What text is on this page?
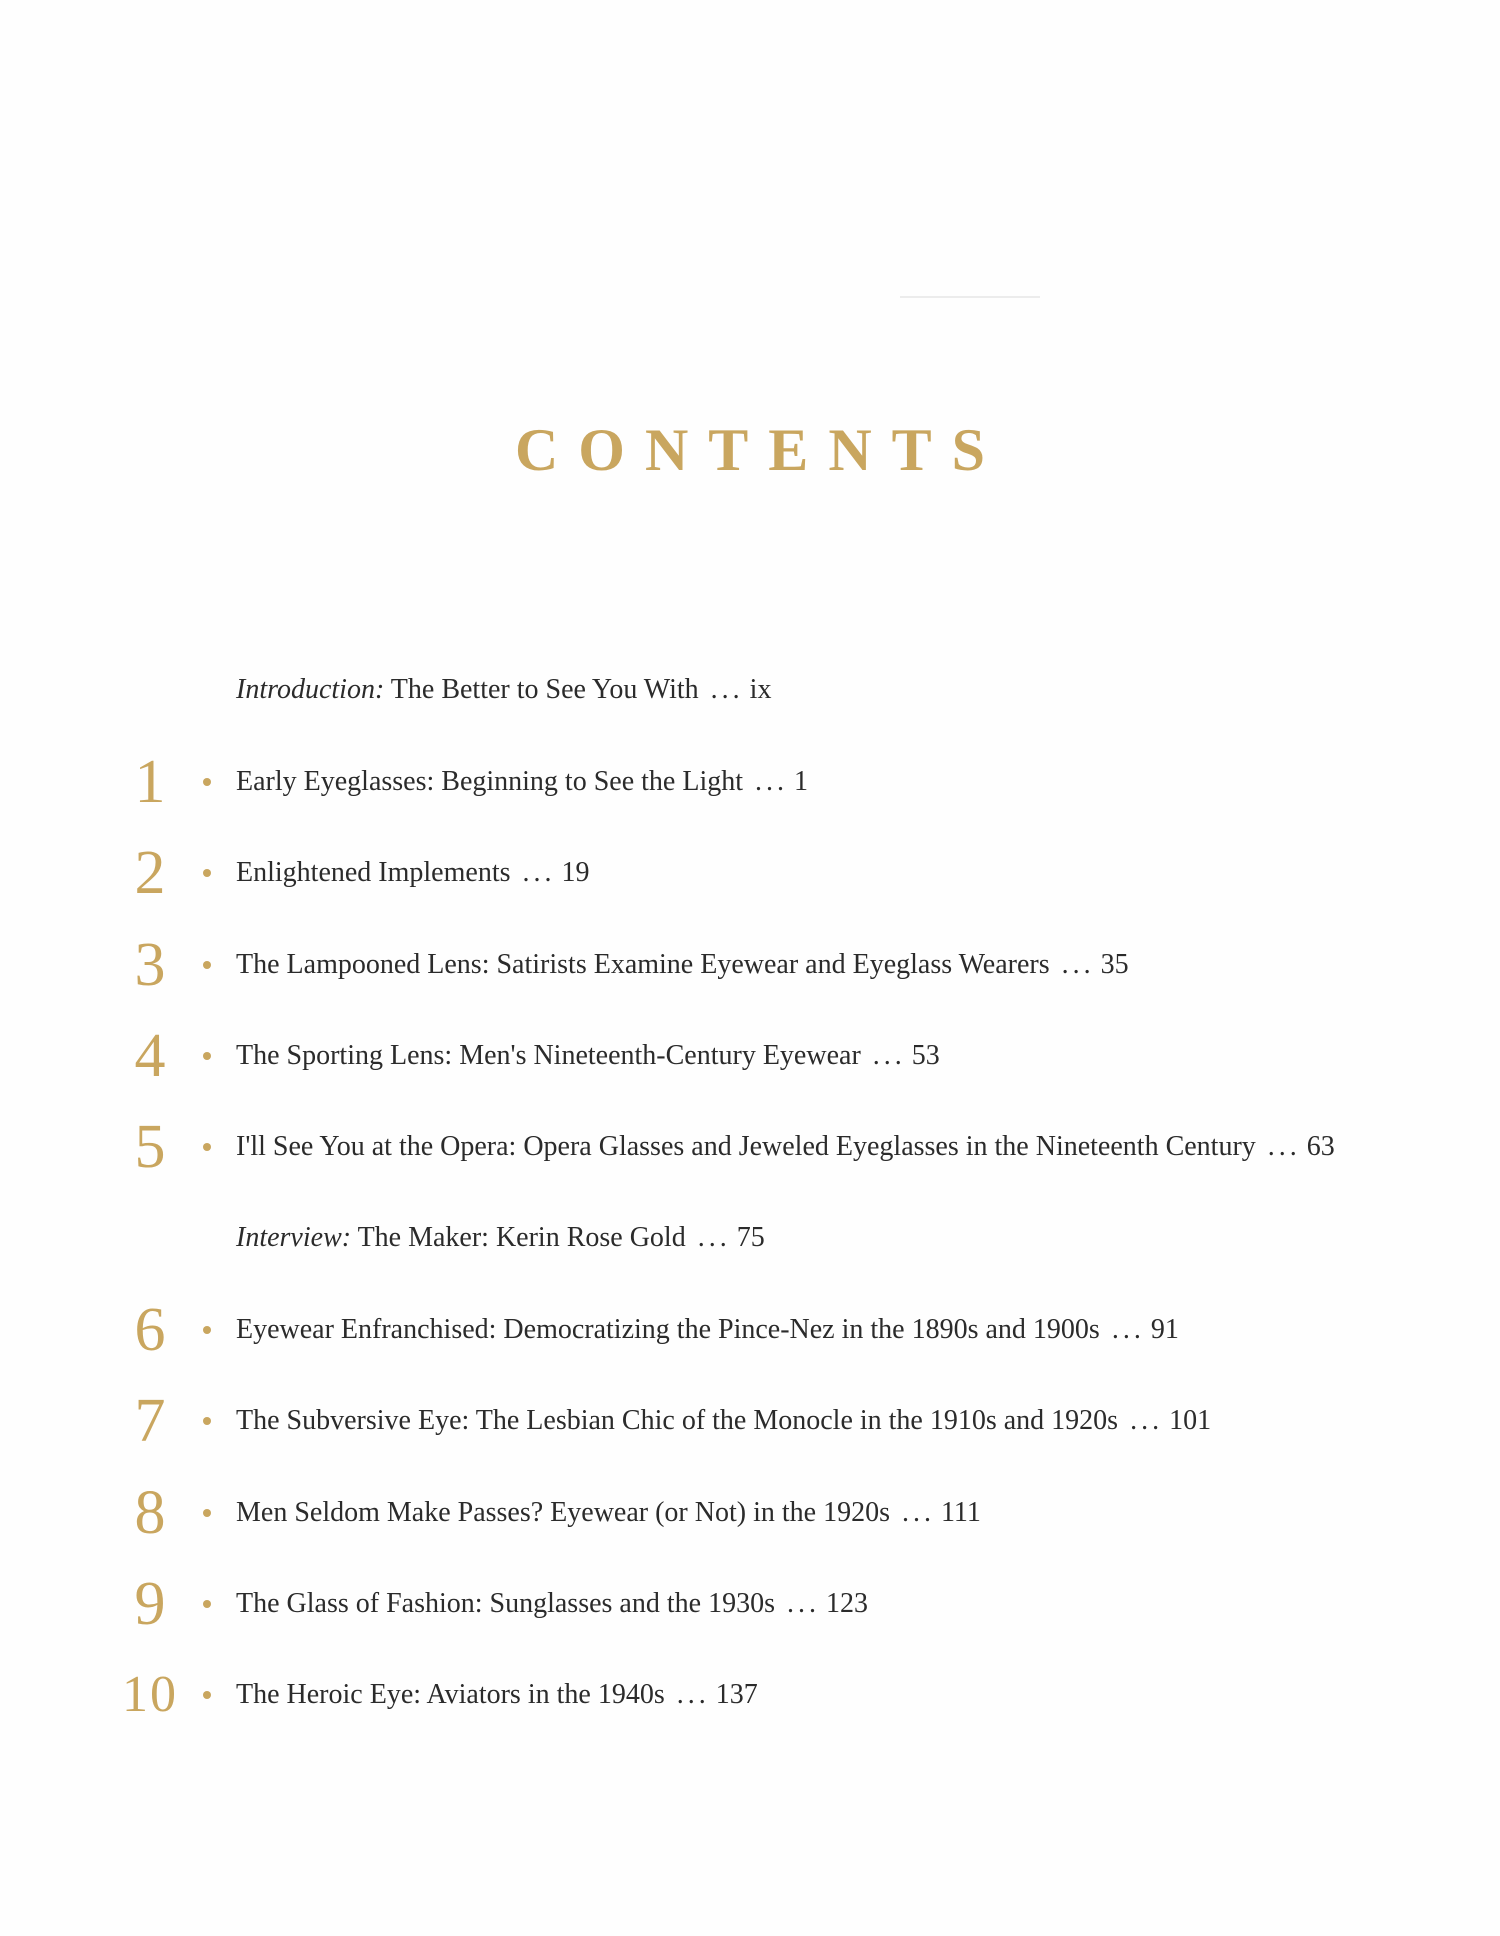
CONTENTS
Introduction: The Better to See You With ... ix
1	Early Eyeglasses: Beginning to See the Light ... 1
2	Enlightened Implements ... 19
3	The Lampooned Lens: Satirists Examine Eyewear and Eyeglass Wearers ... 35
4	The Sporting Lens: Men's Nineteenth-Century Eyewear ... 53
5	I'll See You at the Opera: Opera Glasses and Jeweled Eyeglasses in the Nineteenth Century ... 63
Interview: The Maker: Kerin Rose Gold ... 75
6	Eyewear Enfranchised: Democratizing the Pince-Nez in the 1890s and 1900s ... 91
7	The Subversive Eye: The Lesbian Chic of the Monocle in the 1910s and 1920s ... 101
8	Men Seldom Make Passes? Eyewear (or Not) in the 1920s ... 111
9	The Glass of Fashion: Sunglasses and the 1930s ... 123
10	The Heroic Eye: Aviators in the 1940s ... 137
